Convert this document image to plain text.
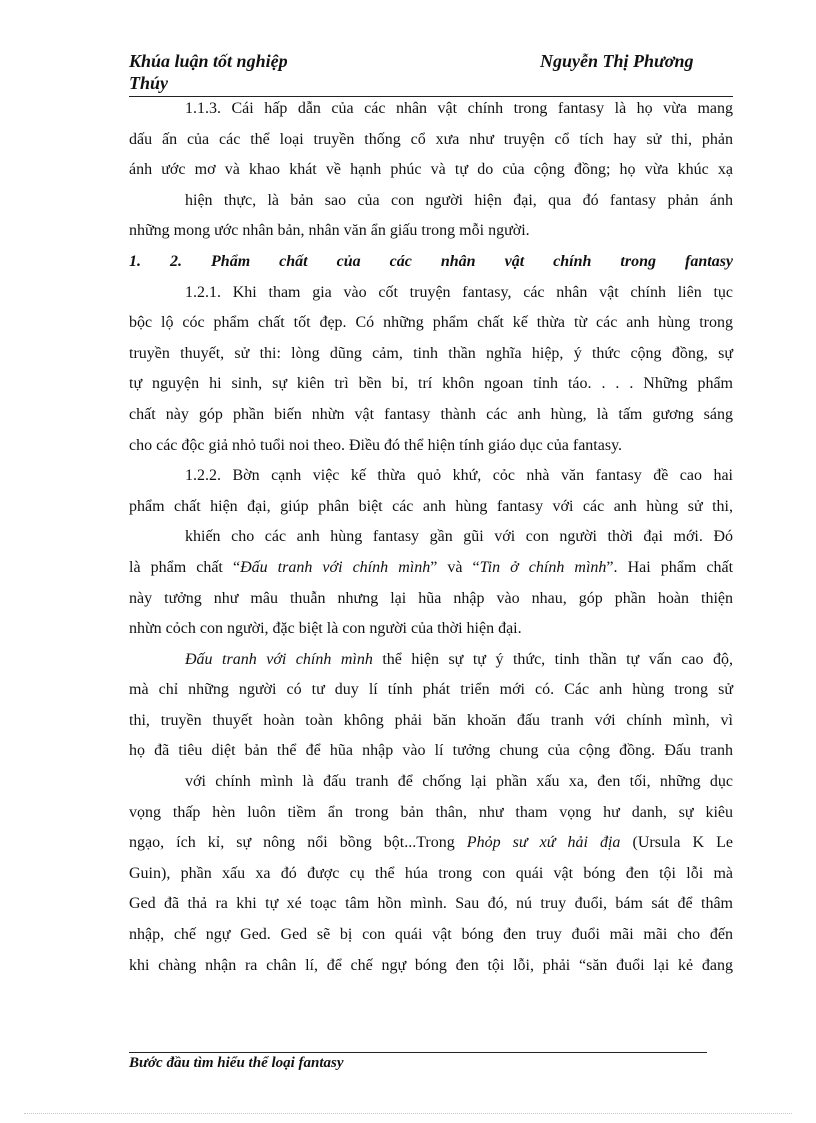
Khúa luận tốt nghiệp
Thúy
Nguyễn Thị Phương
1.1.3. Cái hấp dẫn của các nhân vật chính trong fantasy là họ vừa mang
dấu ấn của các thể loại truyền thống cổ xưa như truyện cổ tích hay sử thi, phản
ánh ước mơ và khao khát về hạnh phúc và tự do của cộng đồng; họ vừa khúc xạ
hiện thực, là bản sao của con người hiện đại, qua đó fantasy phản ánh
những mong ước nhân bản, nhân văn ẩn giấu trong mỗi người.
1. 2. Phẩm chất của các nhân vật chính trong fantasy
1.2.1. Khi tham gia vào cốt truyện fantasy, các nhân vật chính liên tục
bộc lộ cóc phẩm chất tốt đẹp. Có những phẩm chất kế thừa từ các anh hùng trong
truyền thuyết, sử thi: lòng dũng cảm, tinh thần nghĩa hiệp, ý thức cộng đồng, sự
tự nguyện hi sinh, sự kiên trì bền bỉ, trí khôn ngoan tỉnh táo. . . . Những phẩm
chất này góp phần biến nhừn vật fantasy thành các anh hùng, là tấm gương sáng
cho các độc giả nhỏ tuổi noi theo. Điều đó thể hiện tính giáo dục của fantasy.
1.2.2. Bờn cạnh việc kế thừa quỏ khứ, cỏc nhà văn fantasy đề cao hai
phẩm chất hiện đại, giúp phân biệt các anh hùng fantasy với các anh hùng sử thi,
khiến cho các anh hùng fantasy gần gũi với con người thời đại mới. Đó
là phẩm chất “Đấu tranh với chính mình” và “Tin ở chính mình”. Hai phẩm chất
này tưởng như mâu thuẫn nhưng lại hũa nhập vào nhau, góp phần hoàn thiện
nhừn cỏch con người, đặc biệt là con người của thời hiện đại.
Đấu tranh với chính mình thể hiện sự tự ý thức, tinh thần tự vấn cao độ,
mà chỉ những người có tư duy lí tính phát triển mới có. Các anh hùng trong sử
thi, truyền thuyết hoàn toàn không phải băn khoăn đấu tranh với chính mình, vì
họ đã tiêu diệt bản thể để hũa nhập vào lí tưởng chung của cộng đồng. Đấu tranh
với chính mình là đấu tranh để chống lại phần xấu xa, đen tối, những dục
vọng thấp hèn luôn tiềm ẩn trong bản thân, như tham vọng hư danh, sự kiêu
ngạo, ích kỉ, sự nông nổi bồng bột...Trong Phỏp sư xứ hải địa (Ursula K Le
Guin), phần xấu xa đó được cụ thể húa trong con quái vật bóng đen tội lỗi mà
Ged đã thả ra khi tự xé toạc tâm hồn mình. Sau đó, nú truy đuổi, bám sát để thâm
nhập, chế ngự Ged. Ged sẽ bị con quái vật bóng đen truy đuổi mãi mãi cho đến
khi chàng nhận ra chân lí, để chế ngự bóng đen tội lỗi, phải “săn đuổi lại kẻ đang
Bước đầu tìm hiểu thể loại fantasy
